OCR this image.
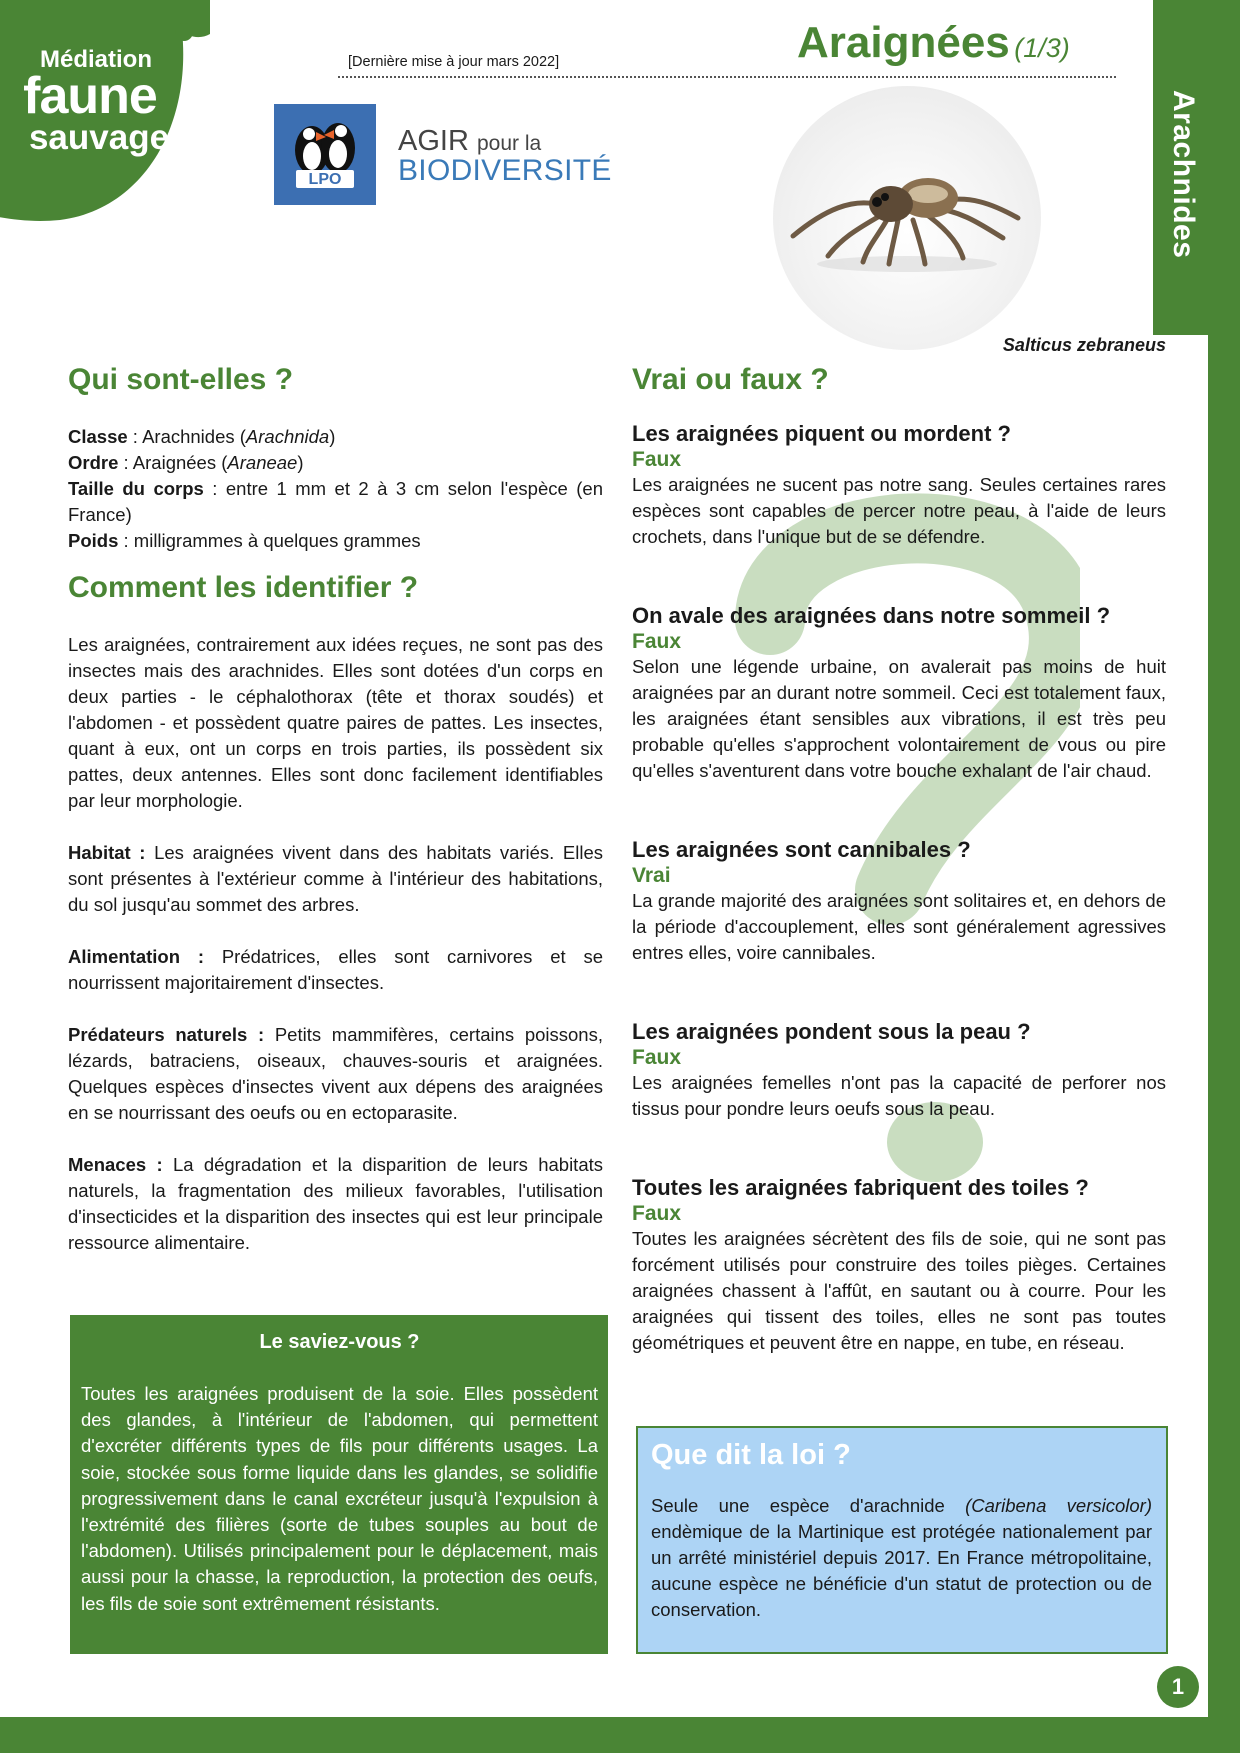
Médiation
faune
sauvage	Arachnides
1
[Dernière mise à jour mars 2022]	Araignées (1/3)
LPO
AGIR pour la
BIODIVERSITÉ
Salticus zebraneus
Qui sont-elles ?
Classe : Arachnides (Arachnida)
Ordre : Araignées (Araneae)

Taille du corps : entre 1 mm et 2 à 3 cm selon l'espèce (en France)

Poids : milligrammes à quelques grammes
Comment les identifier ?

Les araignées, contrairement aux idées reçues, ne sont pas des insectes mais des arachnides. Elles sont dotées d'un corps en deux parties - le céphalothorax (tête et thorax soudés) et l'abdomen - et possèdent quatre paires de pattes. Les insectes, quant à eux, ont un corps en trois parties, ils possèdent six pattes, deux antennes. Elles sont donc facilement identifiables par leur morphologie.

Habitat : Les araignées vivent dans des habitats variés. Elles sont présentes à l'extérieur comme à l'intérieur des habitations, du sol jusqu'au sommet des arbres.

Alimentation : Prédatrices, elles sont carnivores et se nourrissent majoritairement d'insectes.

Prédateurs naturels : Petits mammifères, certains poissons, lézards, batraciens, oiseaux, chauves-souris et araignées. Quelques espèces d'insectes vivent aux dépens des araignées en se nourrissant des oeufs ou en ectoparasite.

Menaces : La dégradation et la disparition de leurs habitats naturels, la fragmentation des milieux favorables, l'utilisation d'insecticides et la disparition des insectes qui est leur principale ressource alimentaire.

Le saviez-vous ?
Toutes les araignées produisent de la soie. Elles possèdent des glandes, à l'intérieur de l'abdomen, qui permettent d'excréter différents types de fils pour différents usages. La soie, stockée sous forme liquide dans les glandes, se solidifie progressivement dans le canal excréteur jusqu'à l'expulsion à l'extrémité des filières (sorte de tubes souples au bout de l'abdomen). Utilisés principalement pour le déplacement, mais aussi pour la chasse, la reproduction, la protection des oeufs, les fils de soie sont extrêmement résistants.
Vrai ou faux ?

Les araignées piquent ou mordent ?

Faux

Les araignées ne sucent pas notre sang. Seules certaines rares espèces sont capables de percer notre peau, à l'aide de leurs crochets, dans l'unique but de se défendre.

On avale des araignées dans notre sommeil ?

Faux

Selon une légende urbaine, on avalerait pas moins de huit araignées par an durant notre sommeil. Ceci est totalement faux, les araignées étant sensibles aux vibrations, il est très peu probable qu'elles s'approchent volontairement de vous ou pire qu'elles s'aventurent dans votre bouche exhalant de l'air chaud.

Les araignées sont cannibales ?

Vrai

La grande majorité des araignées sont solitaires et, en dehors de la période d'accouplement, elles sont généralement agressives entres elles, voire cannibales.

Les araignées pondent sous la peau ?

Faux

Les araignées femelles n'ont pas la capacité de perforer nos tissus pour pondre leurs oeufs sous la peau.

Toutes les araignées fabriquent des toiles ?

Faux

Toutes les araignées sécrètent des fils de soie, qui ne sont pas forcément utilisés pour construire des toiles pièges. Certaines araignées chassent à l'affût, en sautant ou à courre. Pour les araignées qui tissent des toiles, elles ne sont pas toutes géométriques et peuvent être en nappe, en tube, en réseau.

Que dit la loi ?
Seule une espèce d'arachnide (Caribena versicolor) endèmique de la Martinique est protégée nationalement par un arrêté ministériel depuis 2017. En France métropolitaine, aucune espèce ne bénéficie d'un statut de protection ou de conservation.
